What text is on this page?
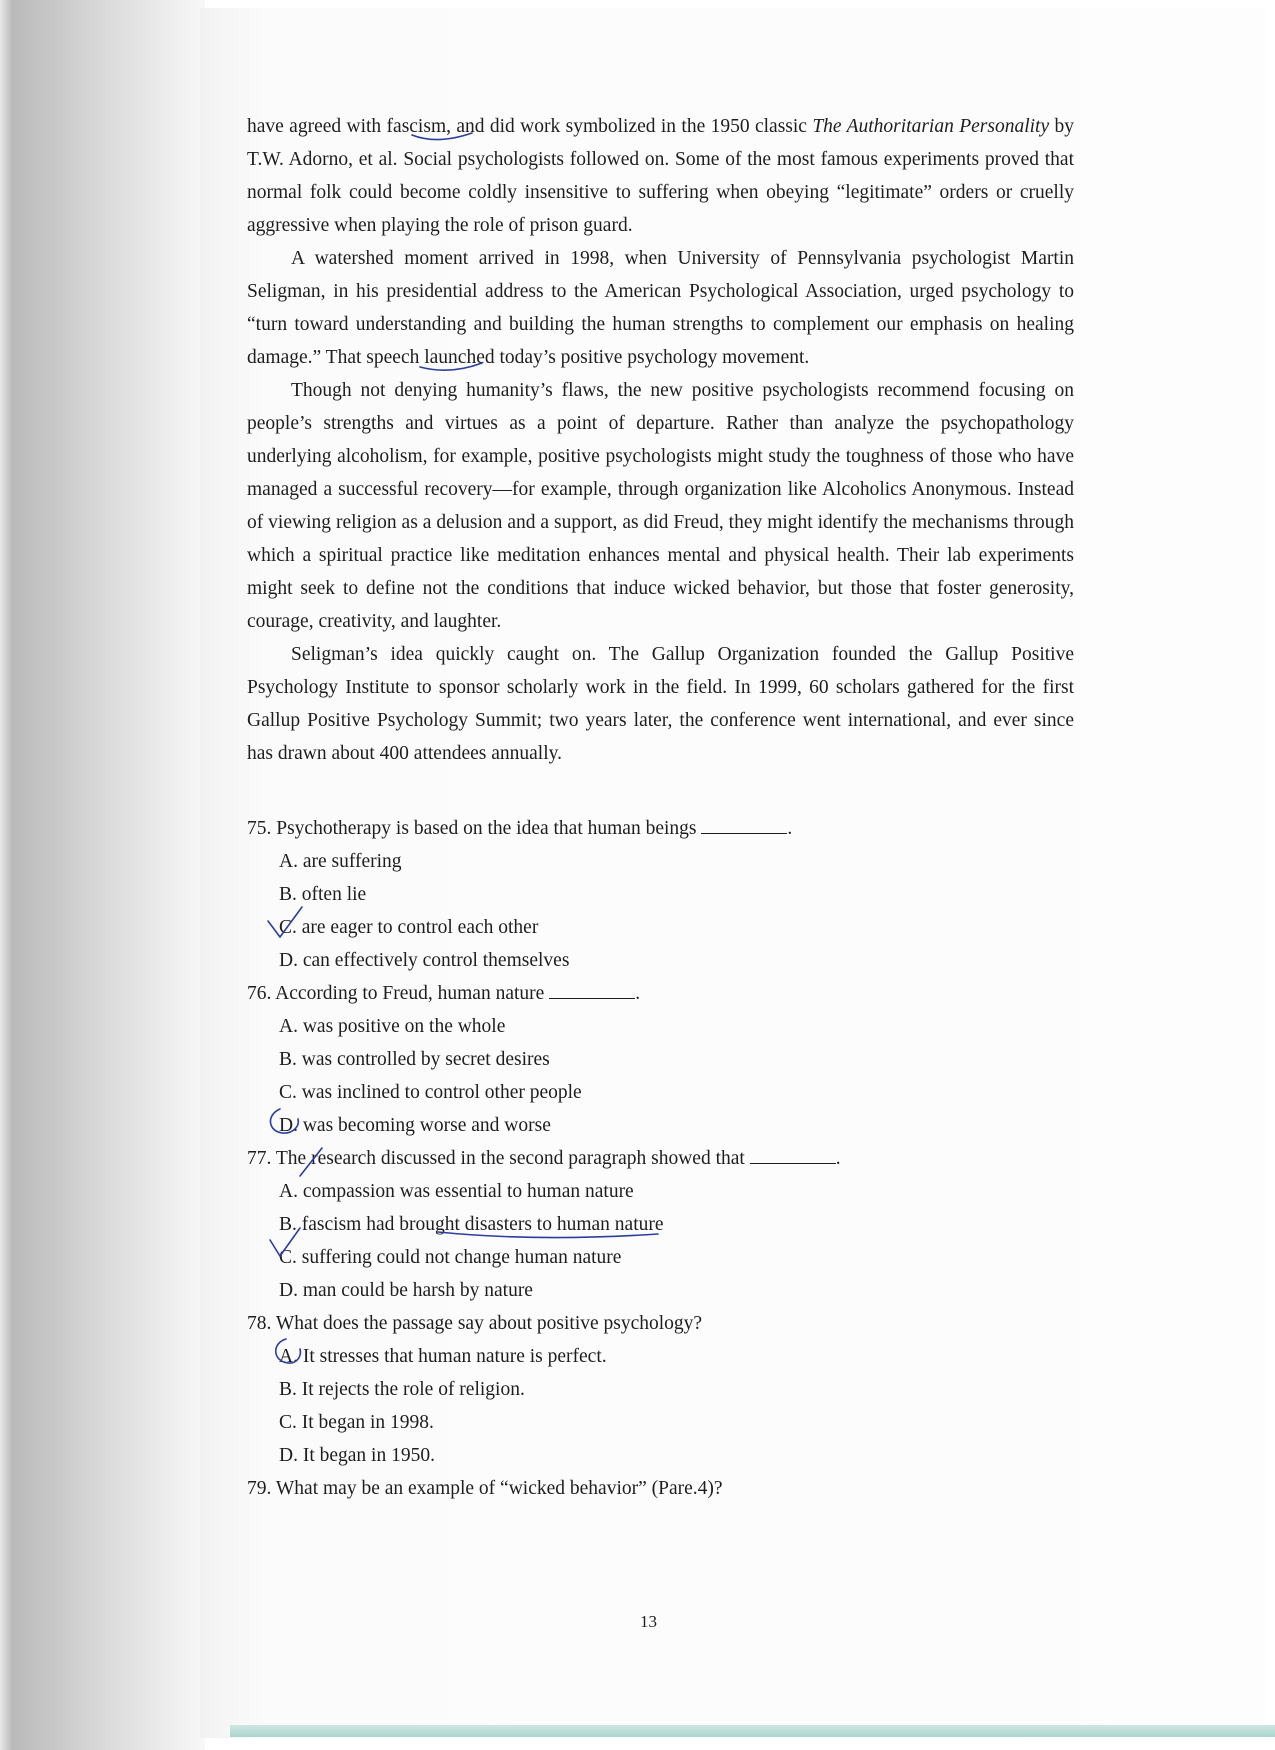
have agreed with fascism, and did work symbolized in the 1950 classic The Authoritarian Personality by T.W. Adorno, et al. Social psychologists followed on. Some of the most famous experiments proved that normal folk could become coldly insensitive to suffering when obeying “legitimate” orders or cruelly aggressive when playing the role of prison guard.

A watershed moment arrived in 1998, when University of Pennsylvania psychologist Martin Seligman, in his presidential address to the American Psychological Association, urged psychology to “turn toward understanding and building the human strengths to complement our emphasis on healing damage.” That speech launched today’s positive psychology movement.

Though not denying humanity’s flaws, the new positive psychologists recommend focusing on people’s strengths and virtues as a point of departure. Rather than analyze the psychopathology underlying alcoholism, for example, positive psychologists might study the toughness of those who have managed a successful recovery—for example, through organization like Alcoholics Anonymous. Instead of viewing religion as a delusion and a support, as did Freud, they might identify the mechanisms through which a spiritual practice like meditation enhances mental and physical health. Their lab experiments might seek to define not the conditions that induce wicked behavior, but those that foster generosity, courage, creativity, and laughter.

Seligman’s idea quickly caught on. The Gallup Organization founded the Gallup Positive Psychology Institute to sponsor scholarly work in the field. In 1999, 60 scholars gathered for the first Gallup Positive Psychology Summit; two years later, the conference went international, and ever since has drawn about 400 attendees annually.

75. Psychotherapy is based on the idea that human beings	.

A. are suffering

B. often lie

C. are eager to control each other

D. can effectively control themselves

76. According to Freud, human nature	.

A. was positive on the whole

B. was controlled by secret desires

C. was inclined to control other people

D. was becoming worse and worse

77. The research discussed in the second paragraph showed that	.

A. compassion was essential to human nature

B. fascism had brought disasters to human nature

C. suffering could not change human nature

D. man could be harsh by nature

78. What does the passage say about positive psychology?

A. It stresses that human nature is perfect.

B. It rejects the role of religion.

C. It began in 1998.

D. It began in 1950.

79. What may be an example of “wicked behavior” (Pare.4)?

13
